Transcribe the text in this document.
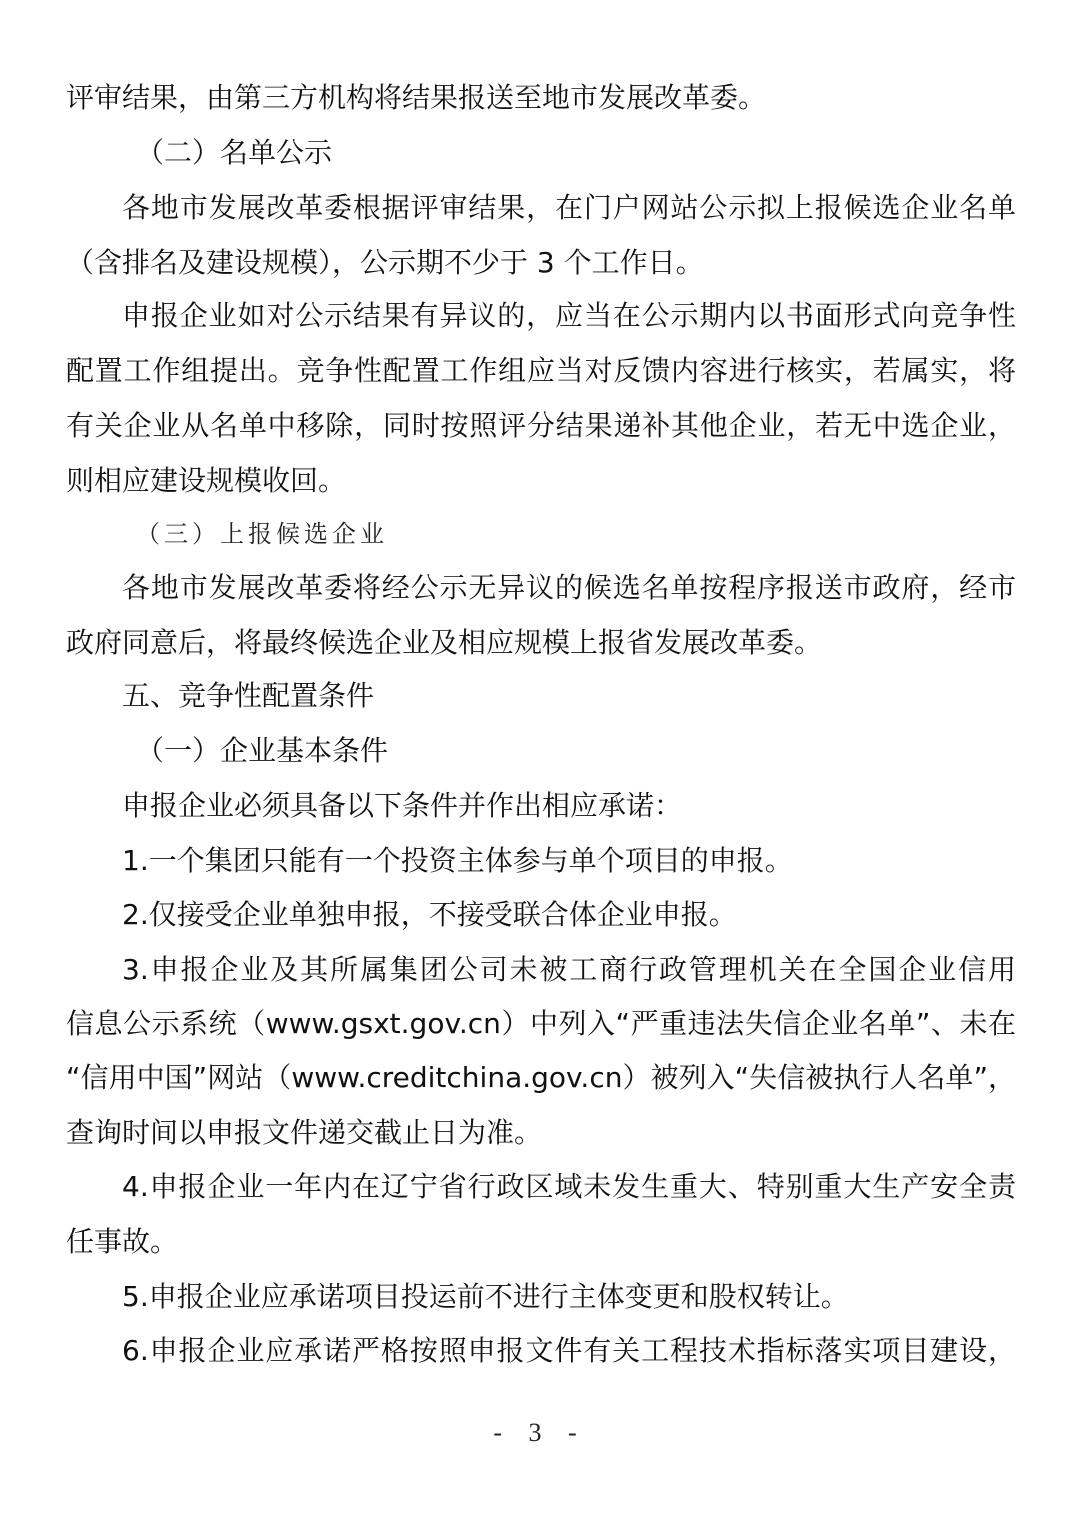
评审结果，由第三方机构将结果报送至地市发展改革委。
（二）名单公示
各地市发展改革委根据评审结果，在门户网站公示拟上报候选企业名单
（含排名及建设规模），公示期不少于 3 个工作日。
申报企业如对公示结果有异议的，应当在公示期内以书面形式向竞争性
配置工作组提出。竞争性配置工作组应当对反馈内容进行核实，若属实，将
有关企业从名单中移除，同时按照评分结果递补其他企业，若无中选企业，
则相应建设规模收回。
（三）上报候选企业
各地市发展改革委将经公示无异议的候选名单按程序报送市政府，经市
政府同意后，将最终候选企业及相应规模上报省发展改革委。
五、竞争性配置条件
（一）企业基本条件
申报企业必须具备以下条件并作出相应承诺：
1.一个集团只能有一个投资主体参与单个项目的申报。
2.仅接受企业单独申报，不接受联合体企业申报。
3.申报企业及其所属集团公司未被工商行政管理机关在全国企业信用
信息公示系统（www.gsxt.gov.cn）中列入“严重违法失信企业名单”、未在
“信用中国”网站（www.creditchina.gov.cn）被列入“失信被执行人名单”，
查询时间以申报文件递交截止日为准。
4.申报企业一年内在辽宁省行政区域未发生重大、特别重大生产安全责
任事故。
5.申报企业应承诺项目投运前不进行主体变更和股权转让。
6.申报企业应承诺严格按照申报文件有关工程技术指标落实项目建设，
- 3 -
